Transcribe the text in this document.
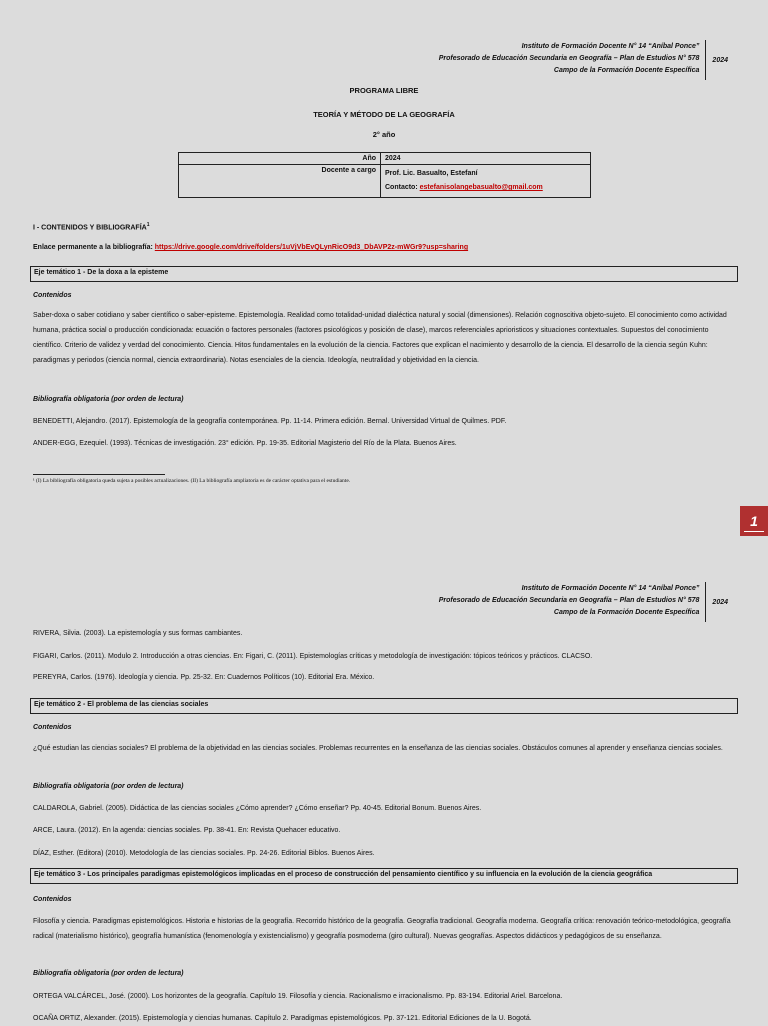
Instituto de Formación Docente N° 14 “Aníbal Ponce”
Profesorado de Educación Secundaria en Geografía – Plan de Estudios N° 578
Campo de la Formación Docente Específica
2024
PROGRAMA LIBRE
TEORÍA Y MÉTODO DE LA GEOGRAFÍA
2° año
Año	2024
Docente a cargo	Prof. Lic. Basualto, Estefaní
Contacto: estefanisolangebasualto@gmail.com
I - CONTENIDOS Y BIBLIOGRAFÍA$^1$
Enlace permanente a la bibliografía: https://drive.google.com/drive/folders/1uVjVbEvQLynRicO9d3_DbAVP2z-mWGr9?usp=sharing
Eje temático 1 - De la doxa a la episteme
Contenidos
Saber-doxa o saber cotidiano y saber científico o saber-episteme. Epistemología. Realidad como totalidad-unidad dialéctica natural y social (dimensiones). Relación cognoscitiva objeto-sujeto. El conocimiento como actividad humana, práctica social o producción condicionada: ecuación o factores personales (factores psicológicos y posición de clase), marcos referenciales aprioristicos y situaciones contextuales. Supuestos del conocimiento científico. Criterio de validez y verdad del conocimiento. Ciencia. Hitos fundamentales en la evolución de la ciencia. Factores que explican el nacimiento y desarrollo de la ciencia. El desarrollo de la ciencia según Kuhn: paradigmas y periodos (ciencia normal, ciencia extraordinaria). Notas esenciales de la ciencia. Ideología, neutralidad y objetividad en la ciencia.
Bibliografía obligatoria (por orden de lectura)
BENEDETTI, Alejandro. (2017). Epistemología de la geografía contemporánea. Pp. 11-14. Primera edición. Bernal. Universidad Virtual de Quilmes. PDF.
ANDER-EGG, Ezequiel. (1993). Técnicas de investigación. 23° edición. Pp. 19-35. Editorial Magisterio del Río de la Plata. Buenos Aires.
¹ (I) La bibliografía obligatoria queda sujeta a posibles actualizaciones. (II) La bibliografía ampliatoria es de carácter optativa para el estudiante.
1
Instituto de Formación Docente N° 14 “Aníbal Ponce”
Profesorado de Educación Secundaria en Geografía – Plan de Estudios N° 578
Campo de la Formación Docente Específica
2024
RIVERA, Silvia. (2003). La epistemología y sus formas cambiantes.
FIGARI, Carlos. (2011). Modulo 2. Introducción a otras ciencias. En: Figari, C. (2011). Epistemologías críticas y metodología de investigación: tópicos teóricos y prácticos. CLACSO.
PEREYRA, Carlos. (1976). Ideología y ciencia. Pp. 25-32. En: Cuadernos Políticos (10). Editorial Era. México.
Eje temático 2 - El problema de las ciencias sociales
Contenidos
¿Qué estudian las ciencias sociales? El problema de la objetividad en las ciencias sociales. Problemas recurrentes en la enseñanza de las ciencias sociales. Obstáculos comunes al aprender y enseñanza ciencias sociales.
Bibliografía obligatoria (por orden de lectura)
CALDAROLA, Gabriel. (2005). Didáctica de las ciencias sociales ¿Cómo aprender? ¿Cómo enseñar? Pp. 40-45. Editorial Bonum. Buenos Aires.
ARCE, Laura. (2012). En la agenda: ciencias sociales. Pp. 38-41. En: Revista Quehacer educativo.
DÍAZ, Esther. (Editora) (2010). Metodología de las ciencias sociales. Pp. 24-26. Editorial Biblos. Buenos Aires.
Eje temático 3 - Los principales paradigmas epistemológicos implicadas en el proceso de construcción del pensamiento científico y su influencia en la evolución de la ciencia geográfica
Contenidos
Filosofía y ciencia. Paradigmas epistemológicos. Historia e historias de la geografía. Recorrido histórico de la geografía. Geografía tradicional. Geografía moderna. Geografía crítica: renovación teórico-metodológica, geografía radical (materialismo histórico), geografía humanística (fenomenología y existencialismo) y geografía posmoderna (giro cultural). Nuevas geografías. Aspectos didácticos y pedagógicos de su enseñanza.
Bibliografía obligatoria (por orden de lectura)
ORTEGA VALCÁRCEL, José. (2000). Los horizontes de la geografía. Capítulo 19. Filosofía y ciencia. Racionalismo e irracionalismo. Pp. 83-194. Editorial Ariel. Barcelona.
OCAÑA ORTIZ, Alexander. (2015). Epistemología y ciencias humanas. Capítulo 2. Paradigmas epistemológicos. Pp. 37-121. Editorial Ediciones de la U. Bogotá.
